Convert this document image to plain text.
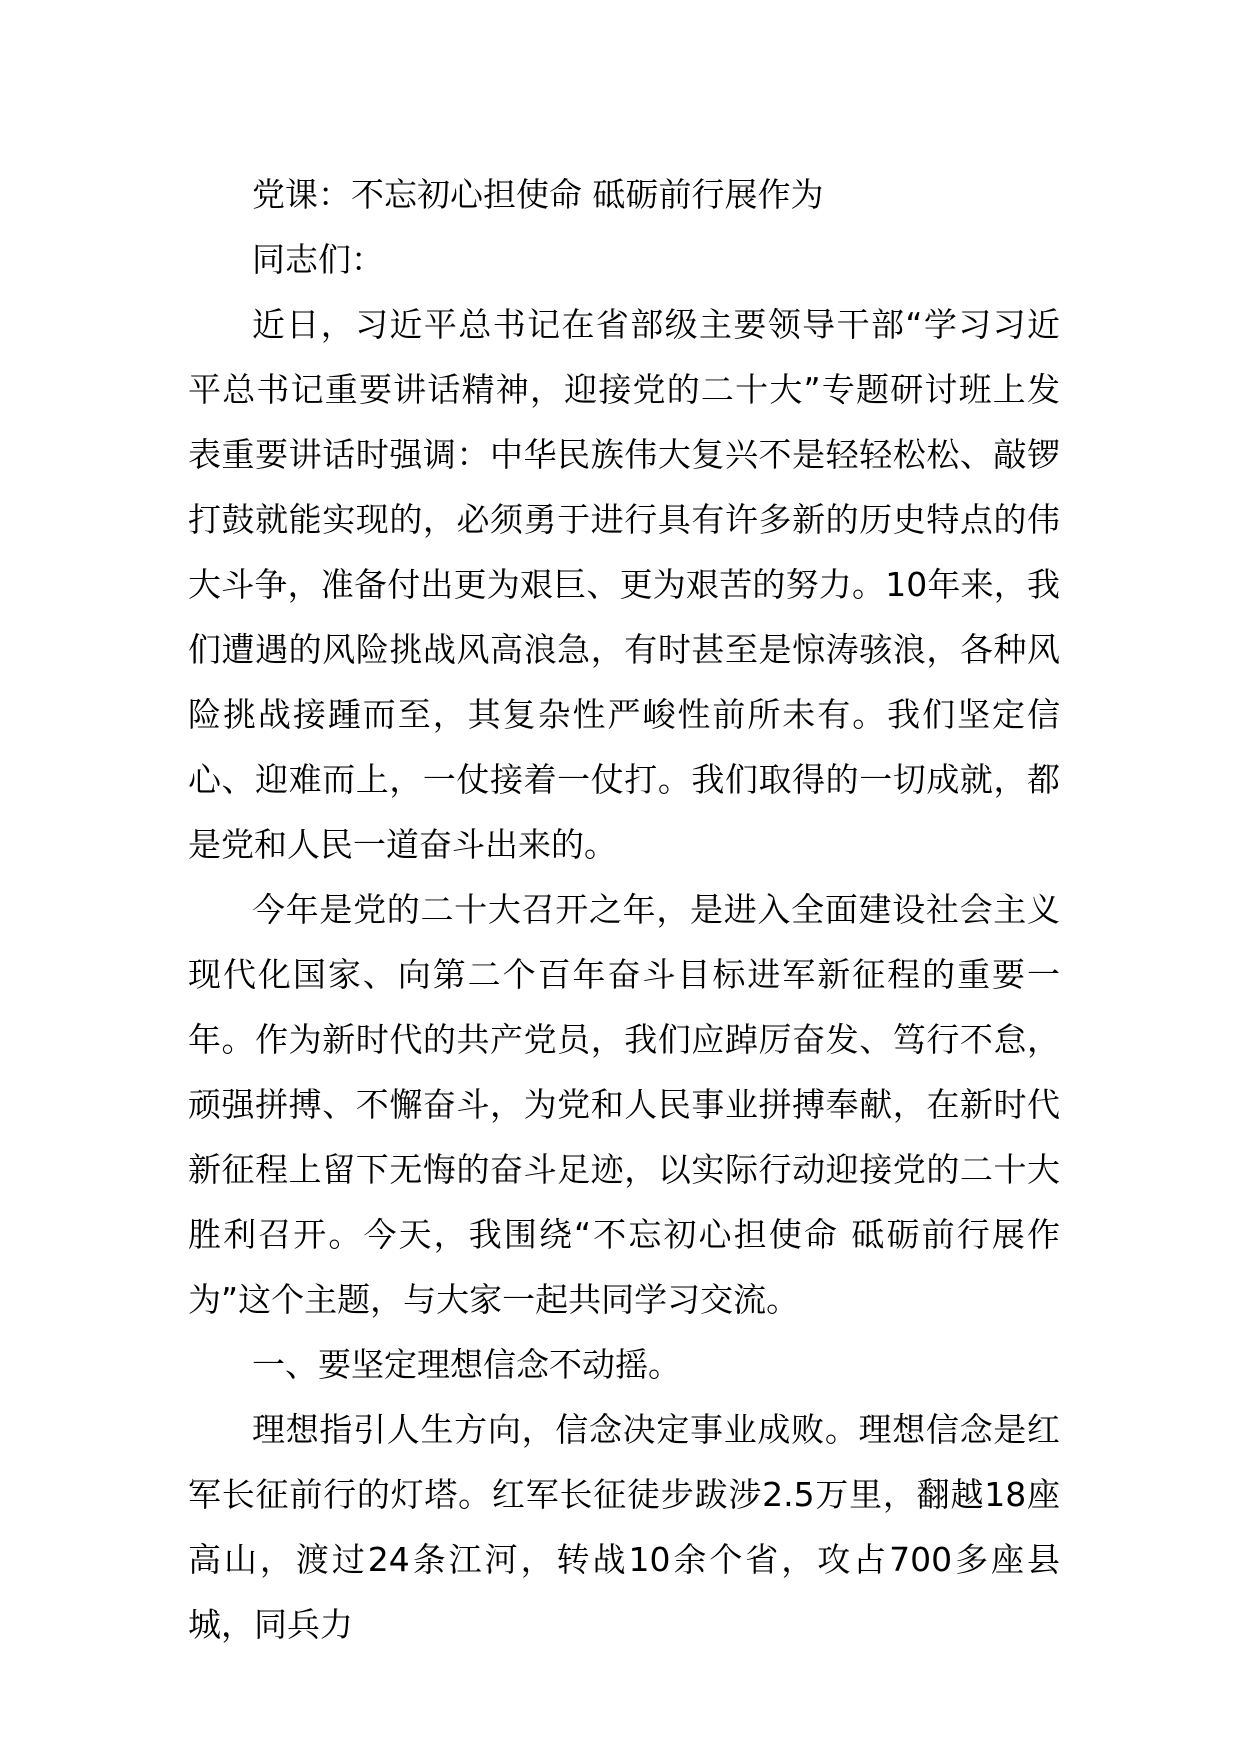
党课：不忘初心担使命 砥砺前行展作为

同志们：

近日，习近平总书记在省部级主要领导干部“学习习近平总书记重要讲话精神，迎接党的二十大”专题研讨班上发表重要讲话时强调：中华民族伟大复兴不是轻轻松松、敲锣打鼓就能实现的，必须勇于进行具有许多新的历史特点的伟大斗争，准备付出更为艰巨、更为艰苦的努力。10年来，我们遭遇的风险挑战风高浪急，有时甚至是惊涛骇浪，各种风险挑战接踵而至，其复杂性严峻性前所未有。我们坚定信心、迎难而上，一仗接着一仗打。我们取得的一切成就，都是党和人民一道奋斗出来的。

今年是党的二十大召开之年，是进入全面建设社会主义现代化国家、向第二个百年奋斗目标进军新征程的重要一年。作为新时代的共产党员，我们应踔厉奋发、笃行不怠，顽强拼搏、不懈奋斗，为党和人民事业拼搏奉献，在新时代新征程上留下无悔的奋斗足迹，以实际行动迎接党的二十大胜利召开。今天，我围绕“不忘初心担使命 砥砺前行展作为”这个主题，与大家一起共同学习交流。

一、要坚定理想信念不动摇。

理想指引人生方向，信念决定事业成败。理想信念是红军长征前行的灯塔。红军长征徒步跋涉2.5万里，翻越18座高山，渡过24条江河，转战10余个省，攻占700多座县城，同兵力
